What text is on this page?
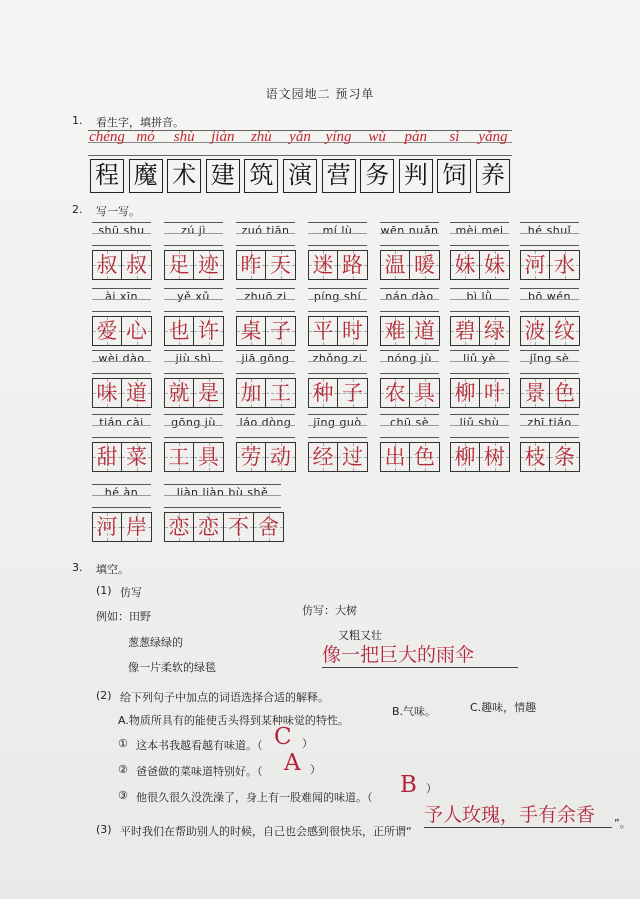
语文园地二 预习单
1. 看生字，填拼音。
chéng
程
mó
魔
shù
术
jiàn
建
zhù
筑
yǎn
演
yíng
营
wù
务
pàn
判
sì
饲
yǎng
养
2. 写一写。
shū shu
叔 叔
zú jì
足 迹
zuó tiān
昨 天
mí lù
迷 路
wēn nuǎn
温 暖
mèi mei
妹 妹
hé shuǐ
河 水
ài xīn
爱 心
yě xǔ
也 许
zhuō zi
桌 子
píng shí
平 时
nán dào
难 道
bì lǜ
碧 绿
bō wén
波 纹
wèi dào
味 道
jiù shì
就 是
jiā gōng
加 工
zhǒng zi
种 子
nóng jù
农 具
liǔ yè
柳 叶
jǐng sè
景 色
tián cài
甜 菜
gōng jù
工 具
láo dòng
劳 动
jīng guò
经 过
chū sè
出 色
liǔ shù
柳 树
zhī tiáo
枝 条
hé àn
河 岸
liàn liàn bù shě
恋 恋 不 舍
3. 填空。
(1) 仿写
例如：田野
葱葱绿绿的
像一片柔软的绿毯
仿写：大树
又粗又壮
像一把巨大的雨伞
(2) 给下列句子中加点的词语选择合适的解释。
A.物质所具有的能使舌头得到某种味觉的特性。
B.气味。	C.趣味，情趣
① 这本书我越看越有味道。（ C ）
② 爸爸做的菜味道特别好。（ A ）
③ 他很久很久没洗澡了，身上有一股难闻的味道。（ B ）
(3) 平时我们在帮助别人的时候，自己也会感到很快乐，正所谓“
予人玫瑰，手有余香	”。
